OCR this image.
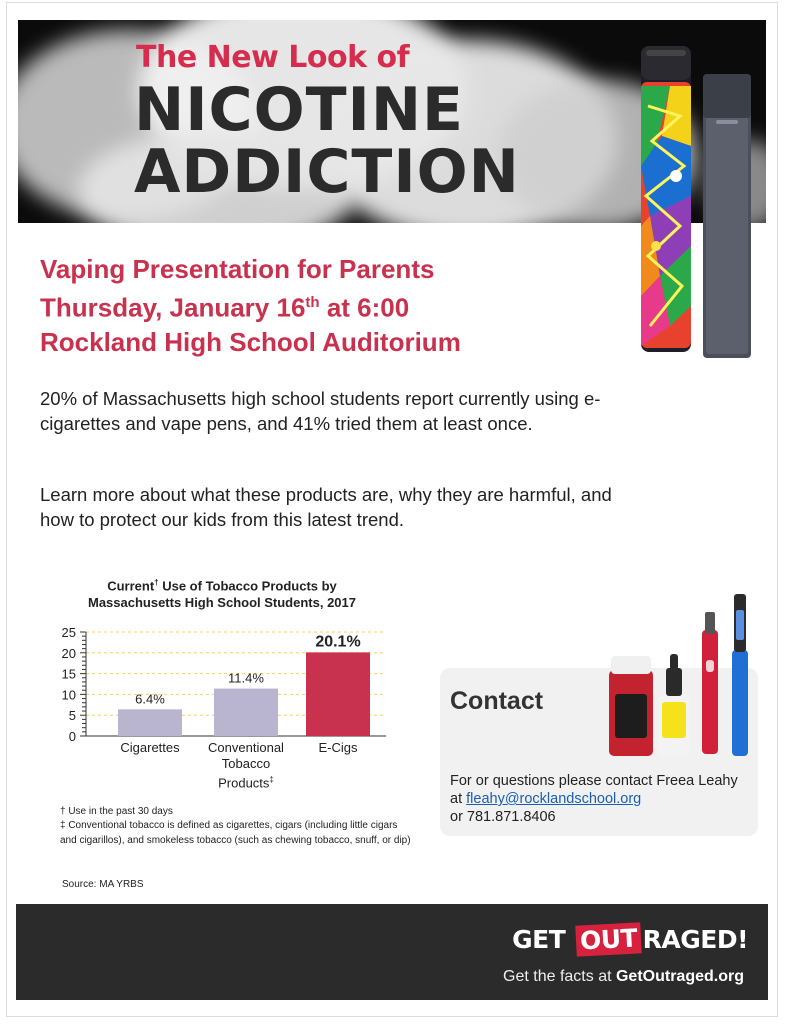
The New Look of
NICOTINE
ADDICTION
Vaping Presentation for Parents
Thursday, January 16th at 6:00
Rockland High School Auditorium

20% of Massachusetts high school students report currently using e-cigarettes and vape pens, and 41% tried them at least once.

Learn more about what these products are, why they are harmful, and how to protect our kids from this latest trend.

Current† Use of Tobacco Products by
Massachusetts High School Students, 2017
0
5
10
15
20
25
6.4%
11.4%
20.1%
Cigarettes	Conventional
Tobacco
Products‡
E-Cigs
† Use in the past 30 days
‡ Conventional tobacco is defined as cigarettes, cigars (including little cigars and cigarillos), and smokeless tobacco (such as chewing tobacco, snuff, or dip)
Source: MA YRBS
Contact
For or questions please contact Freea Leahy at fleahy@rocklandschool.org
or 781.871.8406
GET OUT RAGED!
Get the facts at GetOutraged.org
